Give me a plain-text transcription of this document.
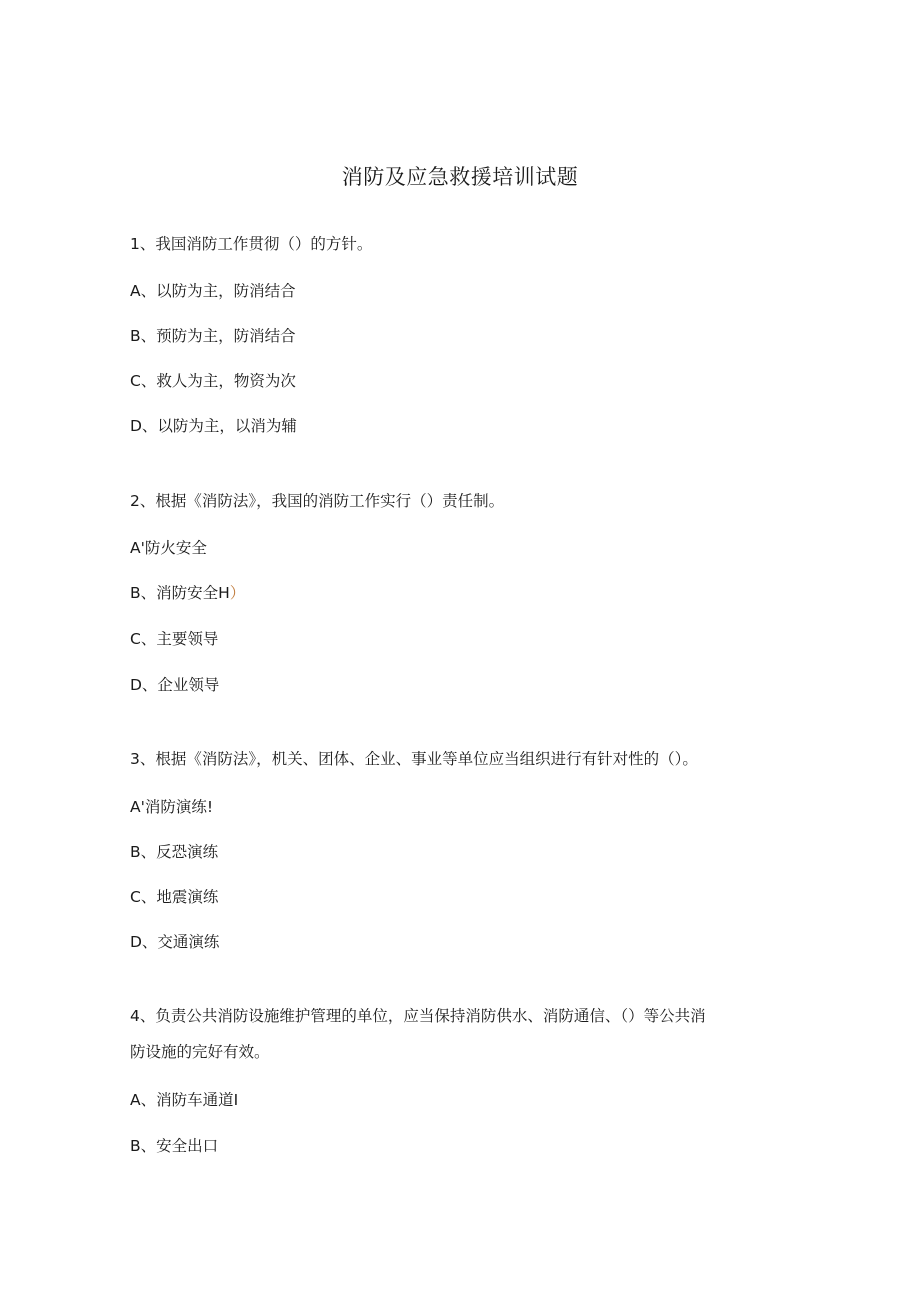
消防及应急救援培训试题
1、我国消防工作贯彻（）的方针。
A、以防为主，防消结合
B、预防为主，防消结合
C、救人为主，物资为次
D、以防为主，以消为辅
2、根据《消防法》，我国的消防工作实行（）责任制。
A'防火安全
B、消防安全H）
C、主要领导
D、企业领导
3、根据《消防法》，机关、团体、企业、事业等单位应当组织进行有针对性的（）。
A'消防演练!
B、反恐演练
C、地震演练
D、交通演练
4、负责公共消防设施维护管理的单位，应当保持消防供水、消防通信、（）等公共消
防设施的完好有效。
A、消防车通道I
B、安全出口
